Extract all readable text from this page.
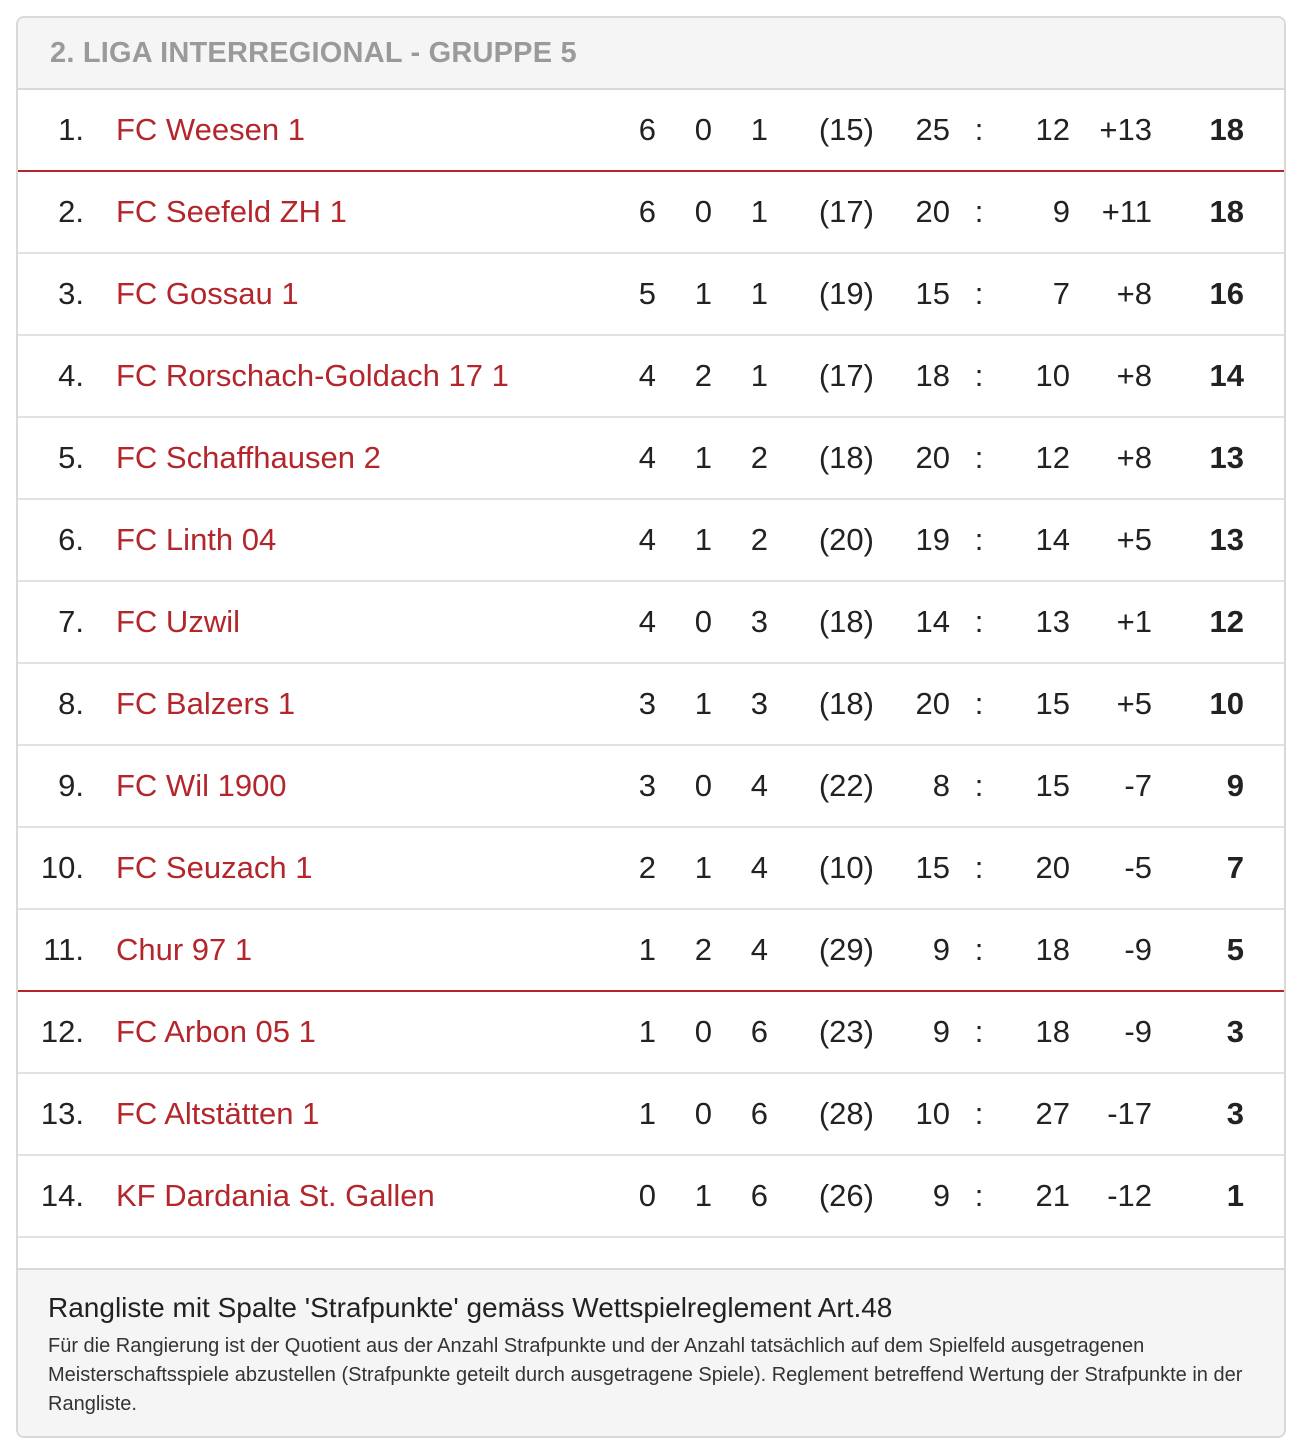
2. LIGA INTERREGIONAL - GRUPPE 5
1.	FC Weesen 1		6	0	1	(15)	25	:	12	+13	18	
2.	FC Seefeld ZH 1		6	0	1	(17)	20	:	9	+11	18	
3.	FC Gossau 1		5	1	1	(19)	15	:	7	+8	16	
4.	FC Rorschach-Goldach 17 1		4	2	1	(17)	18	:	10	+8	14	
5.	FC Schaffhausen 2		4	1	2	(18)	20	:	12	+8	13	
6.	FC Linth 04		4	1	2	(20)	19	:	14	+5	13	
7.	FC Uzwil		4	0	3	(18)	14	:	13	+1	12	
8.	FC Balzers 1		3	1	3	(18)	20	:	15	+5	10	
9.	FC Wil 1900		3	0	4	(22)	8	:	15	-7	9	
10.	FC Seuzach 1		2	1	4	(10)	15	:	20	-5	7	
11.	Chur 97 1		1	2	4	(29)	9	:	18	-9	5	
12.	FC Arbon 05 1		1	0	6	(23)	9	:	18	-9	3	
13.	FC Altstätten 1		1	0	6	(28)	10	:	27	-17	3	
14.	KF Dardania St. Gallen		0	1	6	(26)	9	:	21	-12	1	
Rangliste mit Spalte 'Strafpunkte' gemäss Wettspielreglement Art.48
Für die Rangierung ist der Quotient aus der Anzahl Strafpunkte und der Anzahl tatsächlich auf dem Spielfeld ausgetragenen Meisterschaftsspiele abzustellen (Strafpunkte geteilt durch ausgetragene Spiele). Reglement betreffend Wertung der Strafpunkte in der Rangliste.
